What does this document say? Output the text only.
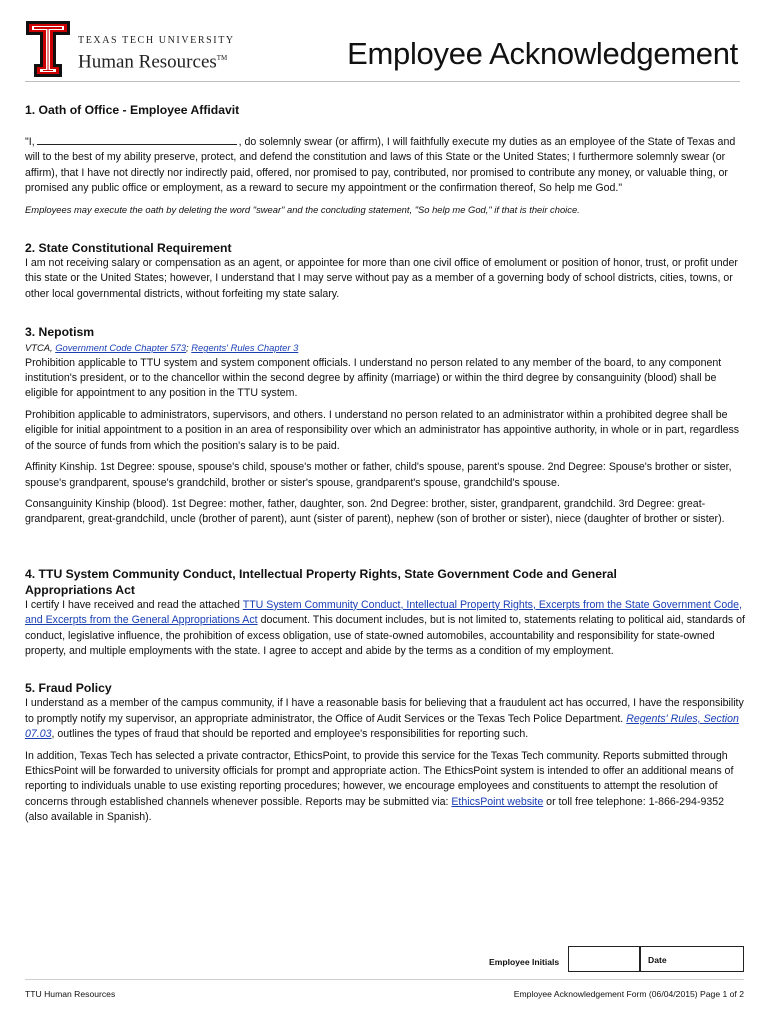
TEXAS TECH UNIVERSITY
Human Resources™	Employee Acknowledgement
1. Oath of Office - Employee Affidavit

"I,	, do solemnly swear (or affirm), I will faithfully execute my duties as an employee of the State of Texas and will to the best of my ability preserve, protect, and defend the constitution and laws of this State or the United States; I furthermore solemnly swear (or affirm), that I have not directly nor indirectly paid, offered, nor promised to pay, contributed, nor promised to contribute any money, or valuable thing, or promised any public office or employment, as a reward to secure my appointment or the confirmation thereof, So help me God."

Employees may execute the oath by deleting the word "swear" and the concluding statement, "So help me God," if that is their choice.

2. State Constitutional Requirement

I am not receiving salary or compensation as an agent, or appointee for more than one civil office of emolument or position of honor, trust, or profit under this state or the United States; however, I understand that I may serve without pay as a member of a governing body of school districts, cities, towns, or other local governmental districts, without forfeiting my state salary.

3. Nepotism

VTCA, Government Code Chapter 573; Regents' Rules Chapter 3

Prohibition applicable to TTU system and system component officials. I understand no person related to any member of the board, to any component institution's president, or to the chancellor within the second degree by affinity (marriage) or within the third degree by consanguinity (blood) shall be eligible for appointment to any position in the TTU system.

Prohibition applicable to administrators, supervisors, and others. I understand no person related to an administrator within a prohibited degree shall be eligible for initial appointment to a position in an area of responsibility over which an administrator has appointive authority, in whole or in part, regardless of the source of funds from which the position's salary is to be paid.

Affinity Kinship. 1st Degree: spouse, spouse's child, spouse's mother or father, child's spouse, parent's spouse. 2nd Degree: Spouse's brother or sister, spouse's grandparent, spouse's grandchild, brother or sister's spouse, grandparent's spouse, grandchild's spouse.

Consanguinity Kinship (blood). 1st Degree: mother, father, daughter, son. 2nd Degree: brother, sister, grandparent, grandchild. 3rd Degree: great-grandparent, great-grandchild, uncle (brother of parent), aunt (sister of parent), nephew (son of brother or sister), niece (daughter of brother or sister).

4. TTU System Community Conduct, Intellectual Property Rights, State Government Code and General
Appropriations Act

I certify I have received and read the attached TTU System Community Conduct, Intellectual Property Rights, Excerpts from the State Government Code, and Excerpts from the General Appropriations Act document. This document includes, but is not limited to, statements relating to political aid, standards of conduct, legislative influence, the prohibition of excess obligation, use of state-owned automobiles, accountability and responsibility for state-owned property, and multiple employments with the state. I agree to accept and abide by the terms as a condition of my employment.

5. Fraud Policy

I understand as a member of the campus community, if I have a reasonable basis for believing that a fraudulent act has occurred, I have the responsibility to promptly notify my supervisor, an appropriate administrator, the Office of Audit Services or the Texas Tech Police Department. Regents' Rules, Section 07.03, outlines the types of fraud that should be reported and employee's responsibilities for reporting such.

In addition, Texas Tech has selected a private contractor, EthicsPoint, to provide this service for the Texas Tech community. Reports submitted through EthicsPoint will be forwarded to university officials for prompt and appropriate action. The EthicsPoint system is intended to offer an additional means of reporting to individuals unable to use existing reporting procedures; however, we encourage employees and constituents to attempt the resolution of concerns through established channels whenever possible. Reports may be submitted via: EthicsPoint website or toll free telephone: 1-866-294-9352 (also available in Spanish).

Employee Initials	Date
TTU Human Resources	Employee Acknowledgement Form (06/04/2015) Page 1 of 2
